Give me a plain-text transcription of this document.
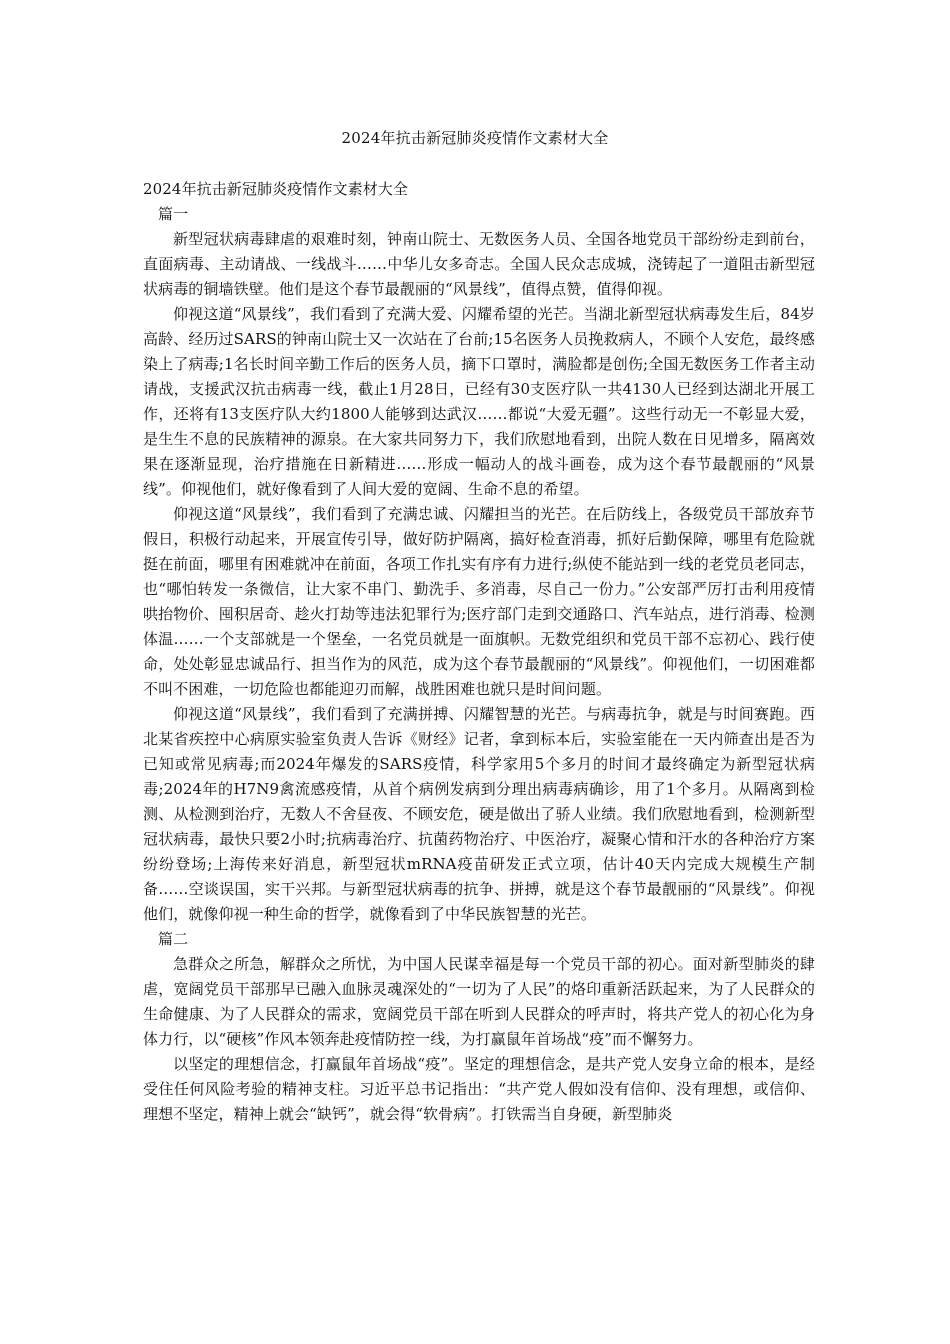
2024年抗击新冠肺炎疫情作文素材大全

2024年抗击新冠肺炎疫情作文素材大全

篇一

新型冠状病毒肆虐的艰难时刻，钟南山院士、无数医务人员、全国各地党员干部纷纷走到前台，直面病毒、主动请战、一线战斗……中华儿女多奇志。全国人民众志成城，浇铸起了一道阻击新型冠状病毒的铜墙铁壁。他们是这个春节最靓丽的“风景线”，值得点赞，值得仰视。

仰视这道“风景线”，我们看到了充满大爱、闪耀希望的光芒。当湖北新型冠状病毒发生后，84岁高龄、经历过SARS的钟南山院士又一次站在了台前;15名医务人员挽救病人，不顾个人安危，最终感染上了病毒;1名长时间辛勤工作后的医务人员，摘下口罩时，满脸都是创伤;全国无数医务工作者主动请战，支援武汉抗击病毒一线，截止1月28日，已经有30支医疗队一共4130人已经到达湖北开展工作，还将有13支医疗队大约1800人能够到达武汉……都说“大爱无疆”。这些行动无一不彰显大爱，是生生不息的民族精神的源泉。在大家共同努力下，我们欣慰地看到，出院人数在日见增多，隔离效果在逐渐显现，治疗措施在日新精进……形成一幅动人的战斗画卷，成为这个春节最靓丽的“风景线”。仰视他们，就好像看到了人间大爱的宽阔、生命不息的希望。

仰视这道“风景线”，我们看到了充满忠诚、闪耀担当的光芒。在后防线上，各级党员干部放弃节假日，积极行动起来，开展宣传引导，做好防护隔离，搞好检查消毒，抓好后勤保障，哪里有危险就挺在前面，哪里有困难就冲在前面，各项工作扎实有序有力进行;纵使不能站到一线的老党员老同志，也“哪怕转发一条微信，让大家不串门、勤洗手、多消毒，尽自己一份力。”公安部严厉打击利用疫情哄抬物价、囤积居奇、趁火打劫等违法犯罪行为;医疗部门走到交通路口、汽车站点，进行消毒、检测体温……一个支部就是一个堡垒，一名党员就是一面旗帜。无数党组织和党员干部不忘初心、践行使命，处处彰显忠诚品行、担当作为的风范，成为这个春节最靓丽的“风景线”。仰视他们，一切困难都不叫不困难，一切危险也都能迎刃而解，战胜困难也就只是时间问题。

仰视这道“风景线”，我们看到了充满拼搏、闪耀智慧的光芒。与病毒抗争，就是与时间赛跑。西北某省疾控中心病原实验室负责人告诉《财经》记者，拿到标本后，实验室能在一天内筛查出是否为已知或常见病毒;而2024年爆发的SARS疫情，科学家用5个多月的时间才最终确定为新型冠状病毒;2024年的H7N9禽流感疫情，从首个病例发病到分理出病毒病确诊，用了1个多月。从隔离到检测、从检测到治疗，无数人不舍昼夜、不顾安危，硬是做出了骄人业绩。我们欣慰地看到，检测新型冠状病毒，最快只要2小时;抗病毒治疗、抗菌药物治疗、中医治疗，凝聚心情和汗水的各种治疗方案纷纷登场;上海传来好消息，新型冠状mRNA疫苗研发正式立项，估计40天内完成大规模生产制备……空谈误国，实干兴邦。与新型冠状病毒的抗争、拼搏，就是这个春节最靓丽的“风景线”。仰视他们，就像仰视一种生命的哲学，就像看到了中华民族智慧的光芒。

篇二

急群众之所急，解群众之所忧，为中国人民谋幸福是每一个党员干部的初心。面对新型肺炎的肆虐，宽阔党员干部那早已融入血脉灵魂深处的“一切为了人民”的烙印重新活跃起来，为了人民群众的生命健康、为了人民群众的需求，宽阔党员干部在听到人民群众的呼声时，将共产党人的初心化为身体力行，以“硬核”作风本领奔赴疫情防控一线，为打赢鼠年首场战“疫”而不懈努力。

以坚定的理想信念，打赢鼠年首场战“疫”。坚定的理想信念，是共产党人安身立命的根本，是经受住任何风险考验的精神支柱。习近平总书记指出：“共产党人假如没有信仰、没有理想，或信仰、理想不坚定，精神上就会“缺钙”，就会得“软骨病”。打铁需当自身硬，新型肺炎
